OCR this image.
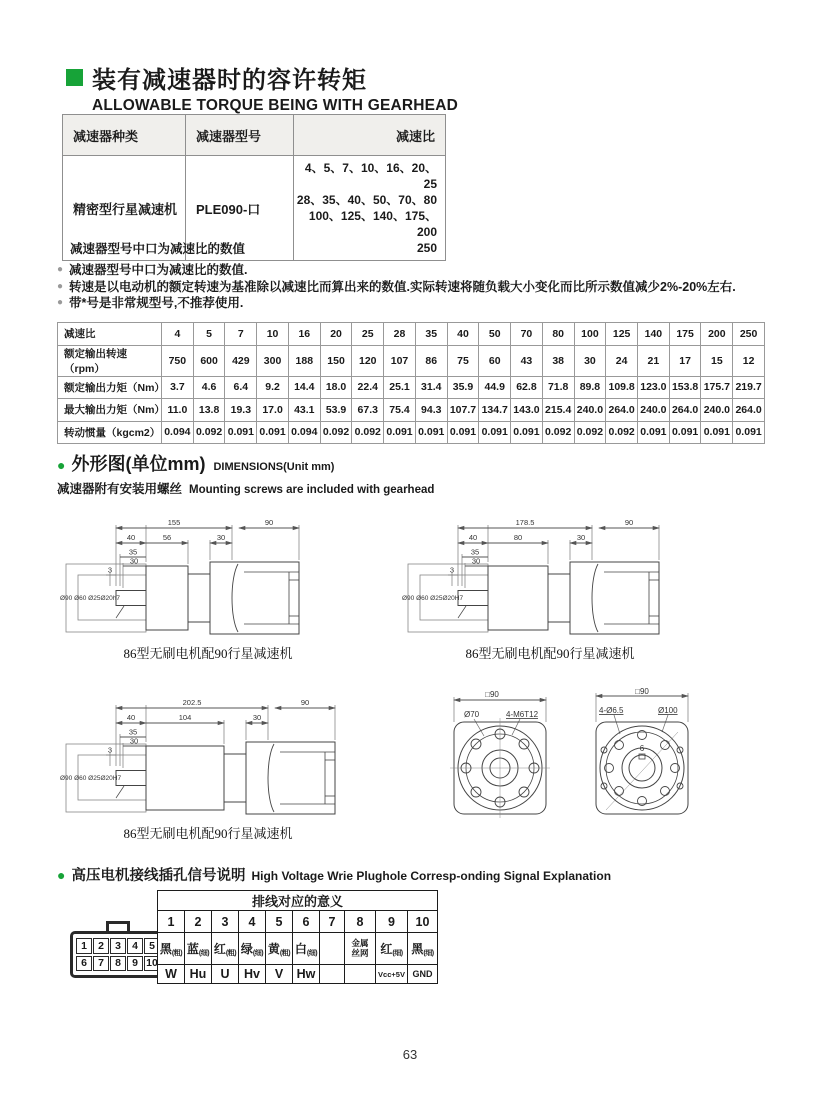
装有减速器时的容许转矩
ALLOWABLE TORQUE BEING WITH GEARHEAD
减速器种类	减速器型号	减速比
精密型行星减速机	PLE090-口	4、5、7、10、16、20、25
28、35、40、50、70、80
100、125、140、175、200
250
减速器型号中口为减速比的数值
● 减速器型号中口为减速比的数值.
● 转速是以电动机的额定转速为基准除以减速比而算出来的数值.实际转速将随负载大小变化而比所示数值减少2%-20%左右.
● 带*号是非常规型号,不推荐使用.
减速比	4	5	7	10	16	20	25	28	35	40	50	70	80	100	125	140	175	200	250
额定输出转速（rpm）	750	600	429	300	188	150	120	107	86	75	60	43	38	30	24	21	17	15	12
额定输出力矩（Nm）	3.7	4.6	6.4	9.2	14.4	18.0	22.4	25.1	31.4	35.9	44.9	62.8	71.8	89.8	109.8	123.0	153.8	175.7	219.7
最大输出力矩（Nm）	11.0	13.8	19.3	17.0	43.1	53.9	67.3	75.4	94.3	107.7	134.7	143.0	215.4	240.0	264.0	240.0	264.0	240.0	264.0
转动惯量（kgcm2）	0.094	0.092	0.091	0.091	0.094	0.092	0.092	0.091	0.091	0.091	0.091	0.091	0.092	0.092	0.092	0.091	0.091	0.091	0.091
● 外形图(单位mm) DIMENSIONS(Unit mm)
减速器附有安装用螺丝 Mounting screws are included with gearhead
155	90
40	56	30
35
30
3
Ø90 Ø60 Ø25Ø20h7
86型无刷电机配90行星减速机
178.5	90
40	80	30
35
30
3
Ø90 Ø60 Ø25Ø20H7
86型无刷电机配90行星减速机
202.5	90
40	104	30
35
30
3
Ø90 Ø60 Ø25Ø20H7
86型无刷电机配90行星减速机
□90
Ø70	4-M6T12
□90
4-Ø6.5	Ø100
6
● 高压电机接线插孔信号说明 High Voltage Wrie Plughole Corresp-onding Signal Explanation
1	2	3	4	5
6	7	8	9 10
排线对应的意义									
1	2	3	4	5	6	7	8	9	10
黑(粗)	蓝(细)	红(粗)	绿(细)	黄(粗)	白(细)		金属丝网	红(细)	黑(细)
W	Hu	U	Hv	V	Hw			Vcc+5V	GND
63
